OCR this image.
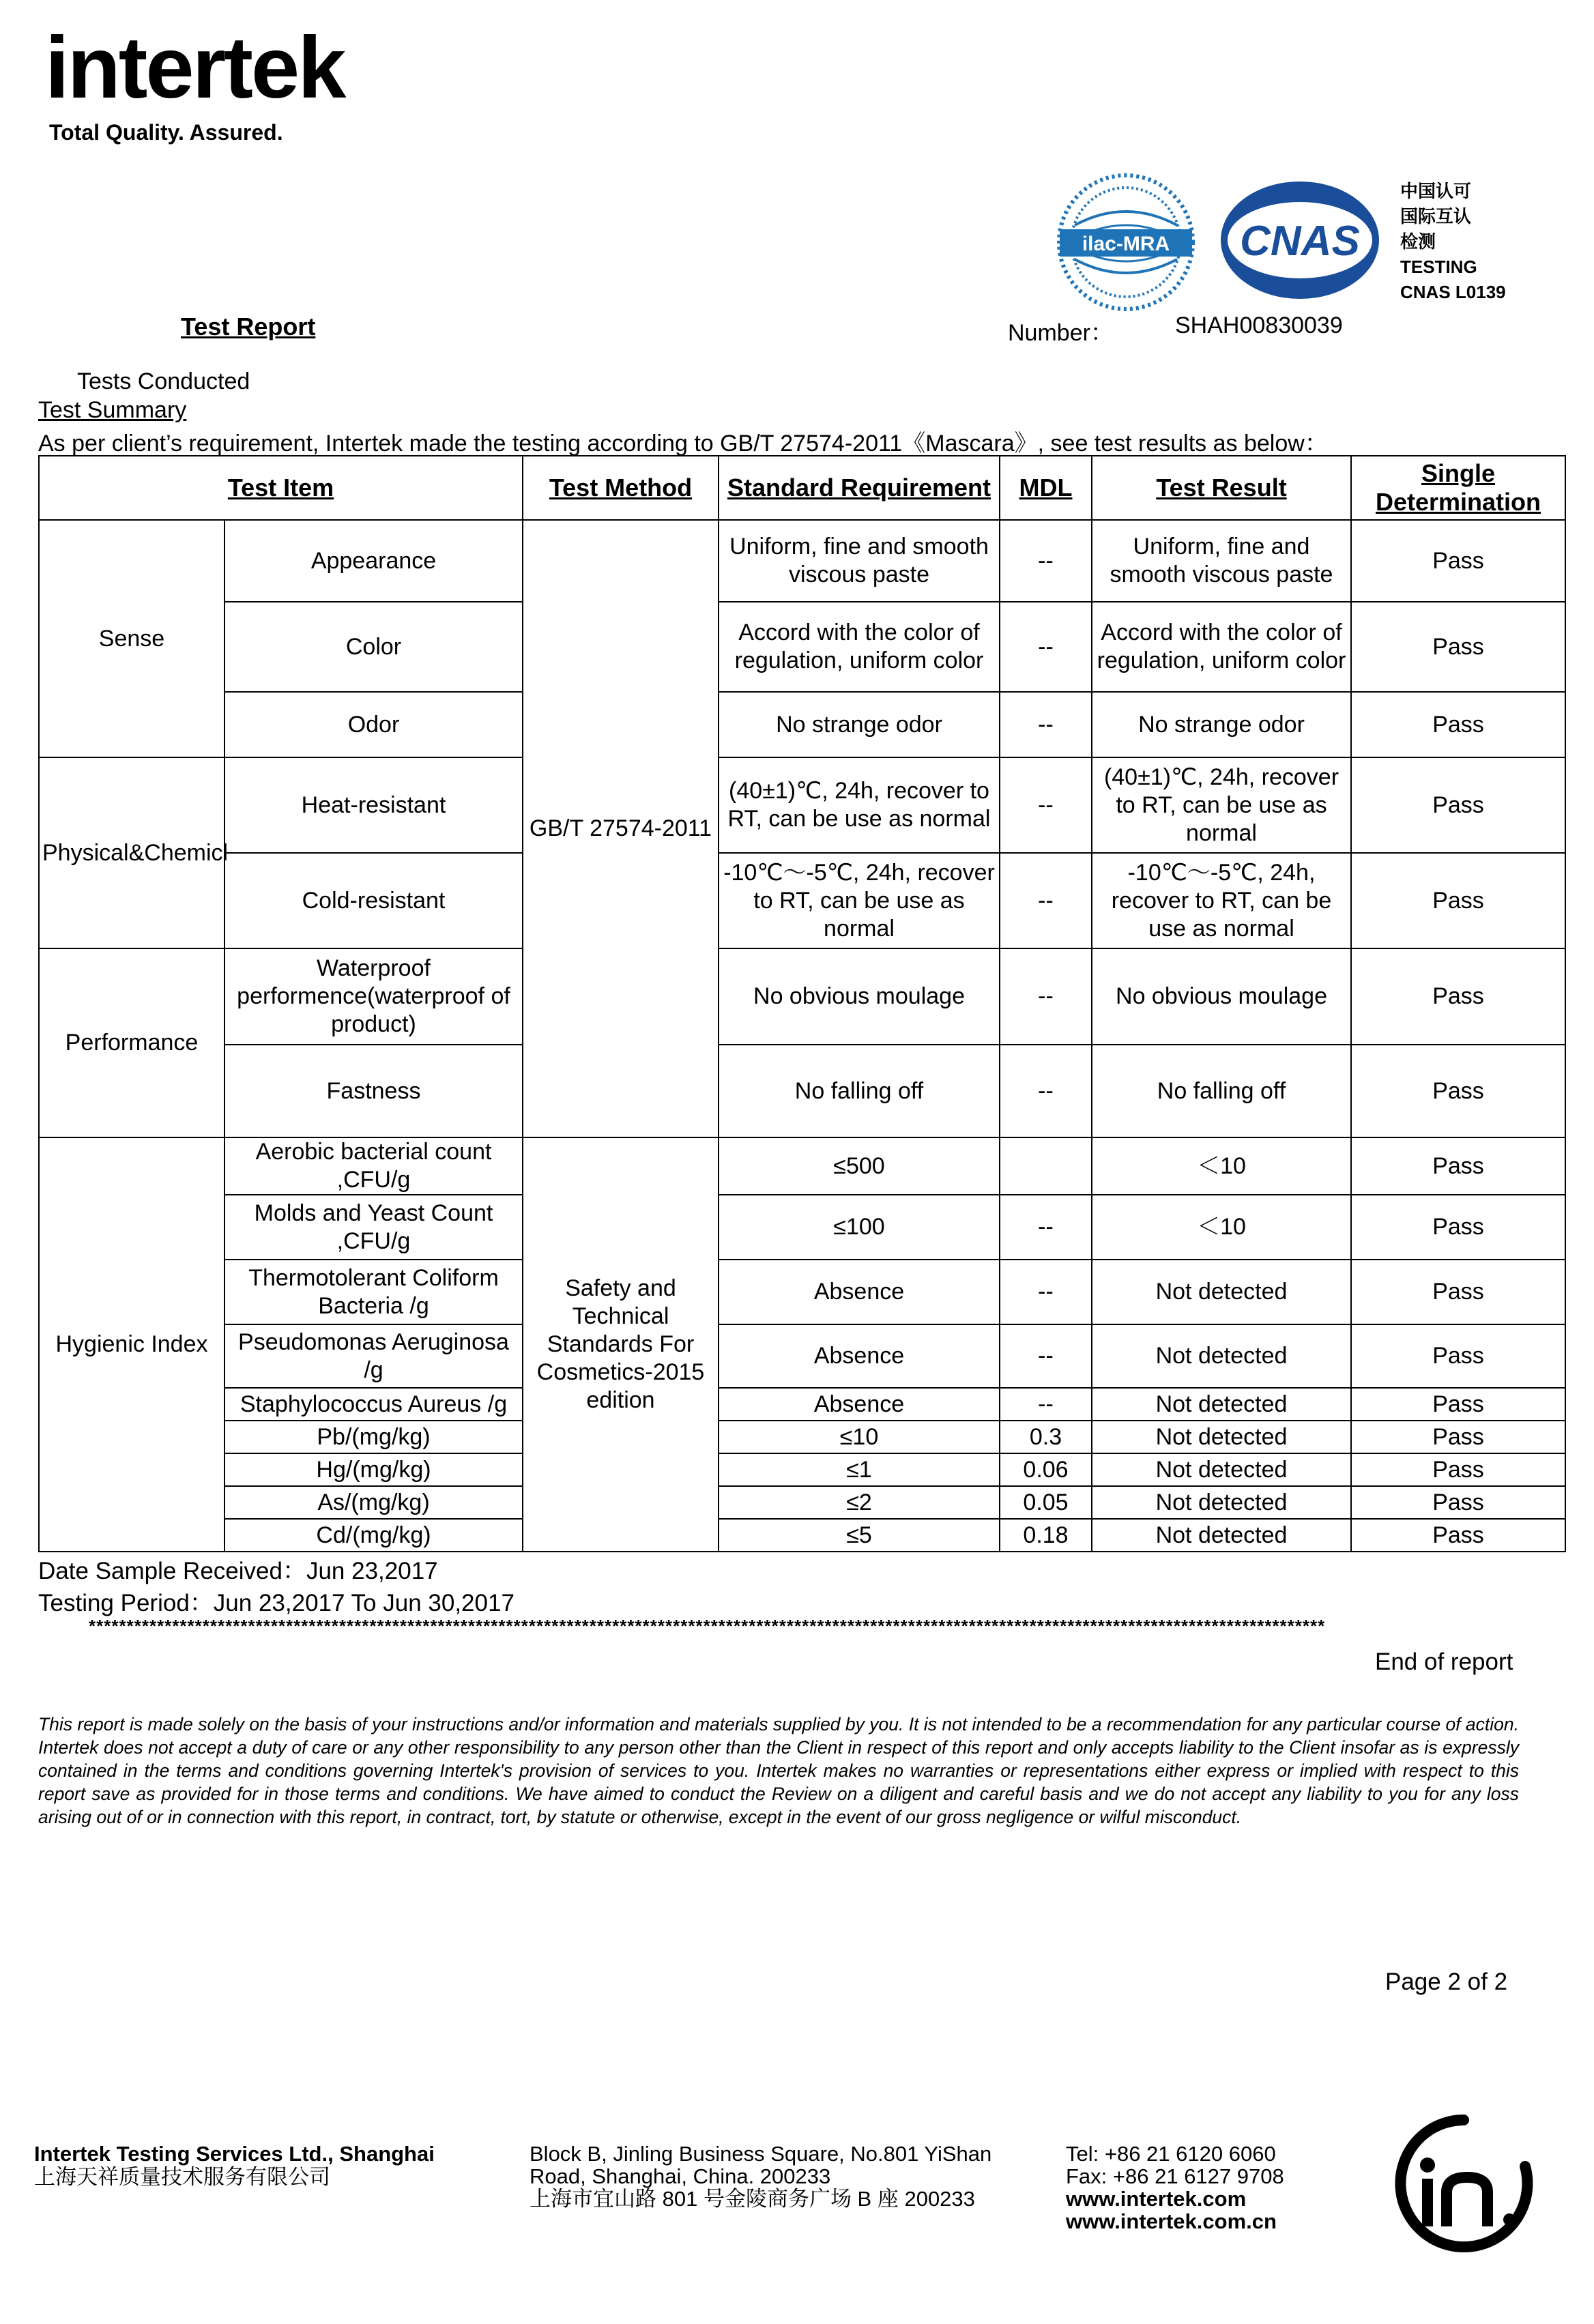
intertek
Total Quality. Assured.
ilac-MRA CNAS
中国认可
国际互认
检测
TESTING
CNAS L0139
Test Report	Number：	SHAH00830039
Tests Conducted
Test Summary
As per client’s requirement, Intertek made the testing according to GB/T 27574-2011《Mascara》, see test results as below：
Test Item		Test Method	Standard Requirement	MDL	Test Result	Single Determination
Sense	Appearance	GB/T 27574-2011	Uniform, fine and smooth viscous paste	--	Uniform, fine and smooth viscous paste	Pass
	Color		Accord with the color of regulation, uniform color	--	Accord with the color of regulation, uniform color	Pass
	Odor		No strange odor	--	No strange odor	Pass
Physical&Chemicl	Heat-resistant		(40±1)℃, 24h, recover to RT, can be use as normal	--	(40±1)℃, 24h, recover to RT, can be use as normal	Pass
	Cold-resistant		-10℃～-5℃, 24h, recover to RT, can be use as normal	--	-10℃～-5℃, 24h, recover to RT, can be use as normal	Pass
Performance	Waterproof performence(waterproof of product)		No obvious moulage	--	No obvious moulage	Pass
	Fastness		No falling off	--	No falling off	Pass
Hygienic Index	Aerobic bacterial count ,CFU/g	Safety and Technical Standards For Cosmetics-2015 edition	≤500		＜10	Pass
	Molds and Yeast Count ,CFU/g		≤100	--	＜10	Pass
	Thermotolerant Coliform Bacteria /g		Absence	--	Not detected	Pass
	Pseudomonas Aeruginosa /g		Absence	--	Not detected	Pass
	Staphylococcus Aureus /g		Absence	--	Not detected	Pass
	Pb/(mg/kg)		≤10	0.3	Not detected	Pass
	Hg/(mg/kg)		≤1	0.06	Not detected	Pass
	As/(mg/kg)		≤2	0.05	Not detected	Pass
	Cd/(mg/kg)		≤5	0.18	Not detected	Pass
Date Sample Received：Jun 23,2017
Testing Period：Jun 23,2017 To Jun 30,2017
*******************************************************************************************************************************************************************
End of report
This report is made solely on the basis of your instructions and/or information and materials supplied by you. It is not intended to be a recommendation for any particular course of action. Intertek does not accept a duty of care or any other responsibility to any person other than the Client in respect of this report and only accepts liability to the Client insofar as is expressly contained in the terms and conditions governing Intertek's provision of services to you. Intertek makes no warranties or representations either express or implied with respect to this report save as provided for in those terms and conditions. We have aimed to conduct the Review on a diligent and careful basis and we do not accept any liability to you for any loss arising out of or in connection with this report, in contract, tort, by statute or otherwise, except in the event of our gross negligence or wilful misconduct.
Page 2 of 2
Intertek Testing Services Ltd., Shanghai
上海天祥质量技术服务有限公司
Block B, Jinling Business Square, No.801 YiShan
Road, Shanghai, China. 200233
上海市宜山路 801 号金陵商务广场 B 座 200233
Tel: +86 21 6120 6060
Fax: +86 21 6127 9708
www.intertek.com
www.intertek.com.cn
